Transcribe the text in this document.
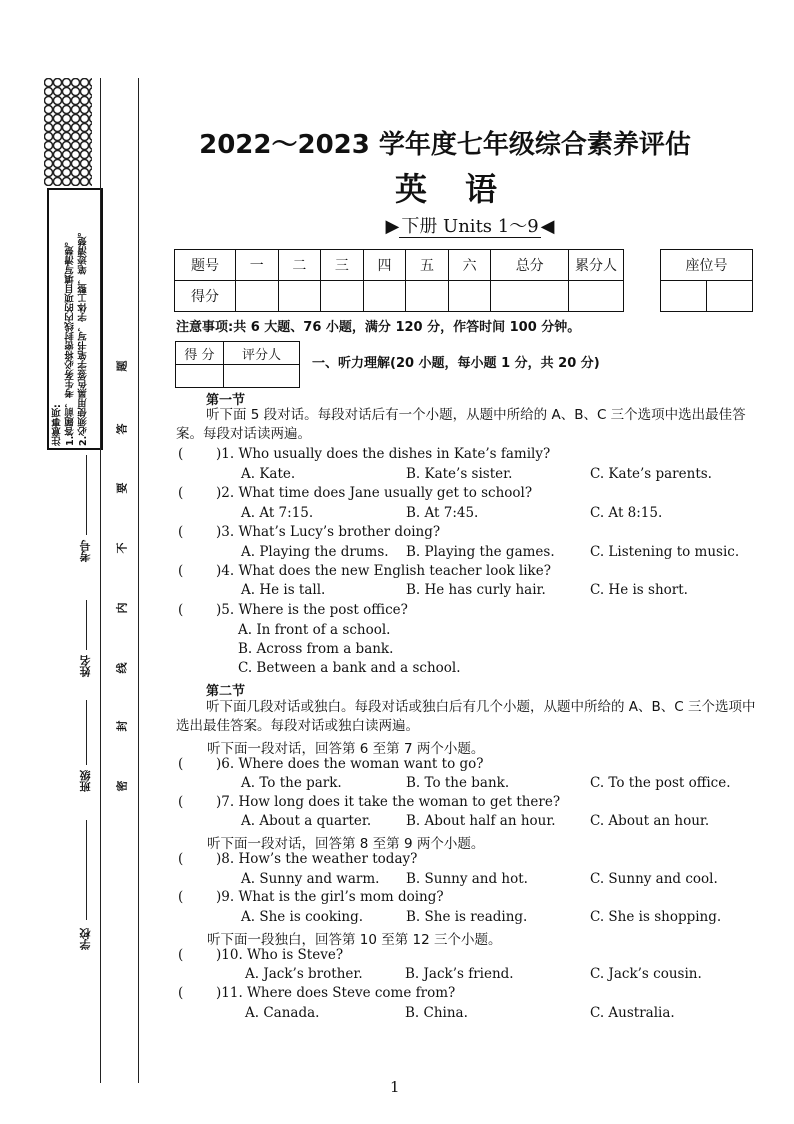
注意事项: 1.答题前，考生务必将密封线内的项目填写清楚。 2.必须使用黑色签字笔书写，字体工整，笔迹清楚。
考号
姓名
班级
学校
题
答
要
不
内
线
封
密
2022～2023 学年度七年级综合素养评估
英语
▶ 下册 Units 1～9 ◀
题号	一	二	三	四	五	六	总分	累分人
得分								
座位号

注意事项:共 6 大题、76 小题，满分 120 分，作答时间 100 分钟。
得 分	评分人

一、听力理解(20 小题，每小题 1 分，共 20 分)
第一节
听下面 5 段对话。每段对话后有一个小题，从题中所给的 A、B、C 三个选项中选出最佳答案。每段对话读两遍。
( )1. Who usually does the dishes in Kate’s family?
A. Kate.	B. Kate’s sister.	C. Kate’s parents.
( )2. What time does Jane usually get to school?
A. At 7:15.	B. At 7:45.	C. At 8:15.
( )3. What’s Lucy’s brother doing?
A. Playing the drums. B. Playing the games.	C. Listening to music.
( )4. What does the new English teacher look like?
A. He is tall.	B. He has curly hair.	C. He is short.
( )5. Where is the post office?
A. In front of a school.
B. Across from a bank.
C. Between a bank and a school.
第二节
听下面几段对话或独白。每段对话或独白后有几个小题，从题中所给的 A、B、C 三个选项中选出最佳答案。每段对话或独白读两遍。
听下面一段对话，回答第 6 至第 7 两个小题。
( )6. Where does the woman want to go?
A. To the park.	B. To the bank.	C. To the post office.
( )7. How long does it take the woman to get there?
A. About a quarter.	B. About half an hour.	C. About an hour.
听下面一段对话，回答第 8 至第 9 两个小题。
( )8. How’s the weather today?
A. Sunny and warm. B. Sunny and hot.	C. Sunny and cool.
( )9. What is the girl’s mom doing?
A. She is cooking.	B. She is reading.	C. She is shopping.
听下面一段独白，回答第 10 至第 12 三个小题。
( )10. Who is Steve?
A. Jack’s brother.	B. Jack’s friend.	C. Jack’s cousin.
( )11. Where does Steve come from?
A. Canada.	B. China.	C. Australia.
1
